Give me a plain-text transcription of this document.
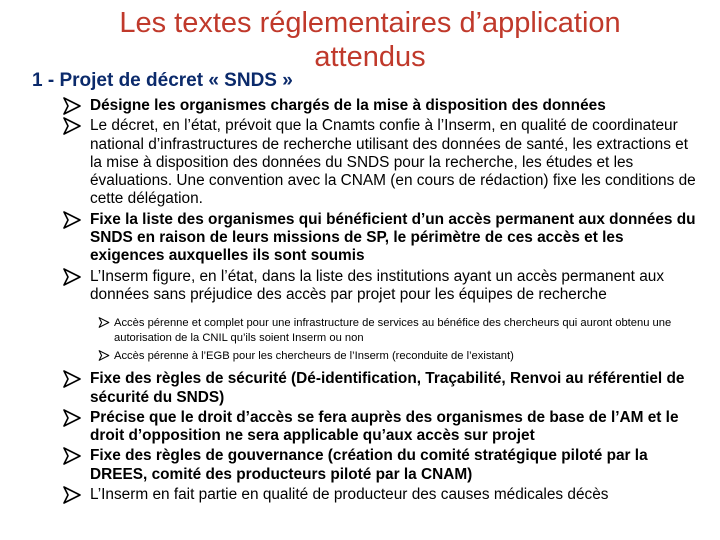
Les textes réglementaires d’application attendus
1 - Projet de décret « SNDS »
Désigne les organismes chargés de la mise à disposition des données
Le décret, en l’état, prévoit que la Cnamts confie à l’Inserm, en qualité de coordinateur national d’infrastructures de recherche utilisant des données de santé, les extractions et la mise à disposition des données du SNDS pour la recherche, les études et les évaluations. Une convention avec la CNAM (en cours de rédaction) fixe les conditions de cette délégation.
Fixe la liste des organismes qui bénéficient d’un accès permanent aux données du SNDS en raison de leurs missions de SP, le périmètre de ces accès et les exigences auxquelles ils sont soumis
L’Inserm figure, en l’état, dans la liste des institutions ayant un accès permanent aux données sans préjudice des accès par projet pour les équipes de recherche
Accès pérenne et complet pour une infrastructure de services au bénéfice des chercheurs qui auront obtenu une autorisation de la CNIL qu’ils soient Inserm ou non
Accès pérenne à l’EGB pour les chercheurs de l’Inserm (reconduite de l’existant)
Fixe des règles de sécurité (Dé-identification, Traçabilité, Renvoi au référentiel de sécurité du SNDS)
Précise que le droit d’accès se fera auprès des organismes de base de l’AM et le droit d’opposition ne sera applicable qu’aux accès sur projet
Fixe des règles de gouvernance (création du comité stratégique piloté par la DREES, comité des producteurs piloté par la CNAM)
L’Inserm en fait partie en qualité de producteur des causes médicales décès
